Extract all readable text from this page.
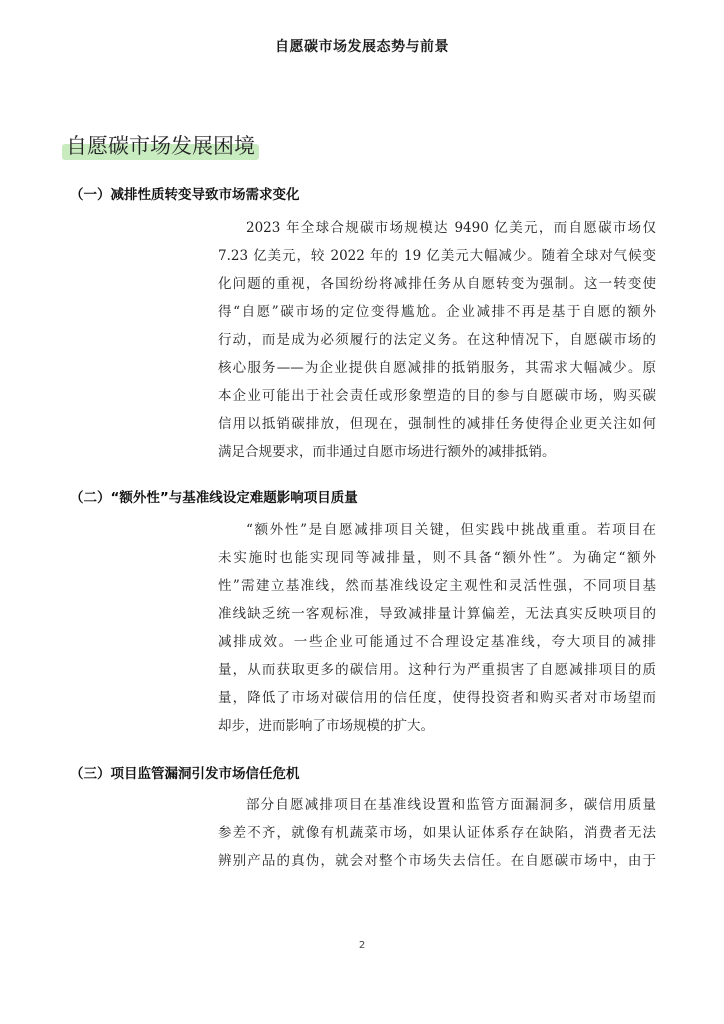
自愿碳市场发展态势与前景
自愿碳市场发展困境
（一）减排性质转变导致市场需求变化
2023 年全球合规碳市场规模达 9490 亿美元，而自愿碳市场仅
7.23 亿美元，较 2022 年的 19 亿美元大幅减少。随着全球对气候变
化问题的重视，各国纷纷将减排任务从自愿转变为强制。这一转变使
得“自愿”碳市场的定位变得尴尬。企业减排不再是基于自愿的额外
行动，而是成为必须履行的法定义务。在这种情况下，自愿碳市场的
核心服务——为企业提供自愿减排的抵销服务，其需求大幅减少。原
本企业可能出于社会责任或形象塑造的目的参与自愿碳市场，购买碳
信用以抵销碳排放，但现在，强制性的减排任务使得企业更关注如何
满足合规要求，而非通过自愿市场进行额外的减排抵销。
（二）“额外性”与基准线设定难题影响项目质量
“额外性”是自愿减排项目关键，但实践中挑战重重。若项目在
未实施时也能实现同等减排量，则不具备“额外性”。为确定“额外
性”需建立基准线，然而基准线设定主观性和灵活性强，不同项目基
准线缺乏统一客观标准，导致减排量计算偏差，无法真实反映项目的
减排成效。一些企业可能通过不合理设定基准线，夸大项目的减排
量，从而获取更多的碳信用。这种行为严重损害了自愿减排项目的质
量，降低了市场对碳信用的信任度，使得投资者和购买者对市场望而
却步，进而影响了市场规模的扩大。
（三）项目监管漏洞引发市场信任危机
部分自愿减排项目在基准线设置和监管方面漏洞多，碳信用质量
参差不齐，就像有机蔬菜市场，如果认证体系存在缺陷，消费者无法
辨别产品的真伪，就会对整个市场失去信任。在自愿碳市场中，由于
2
